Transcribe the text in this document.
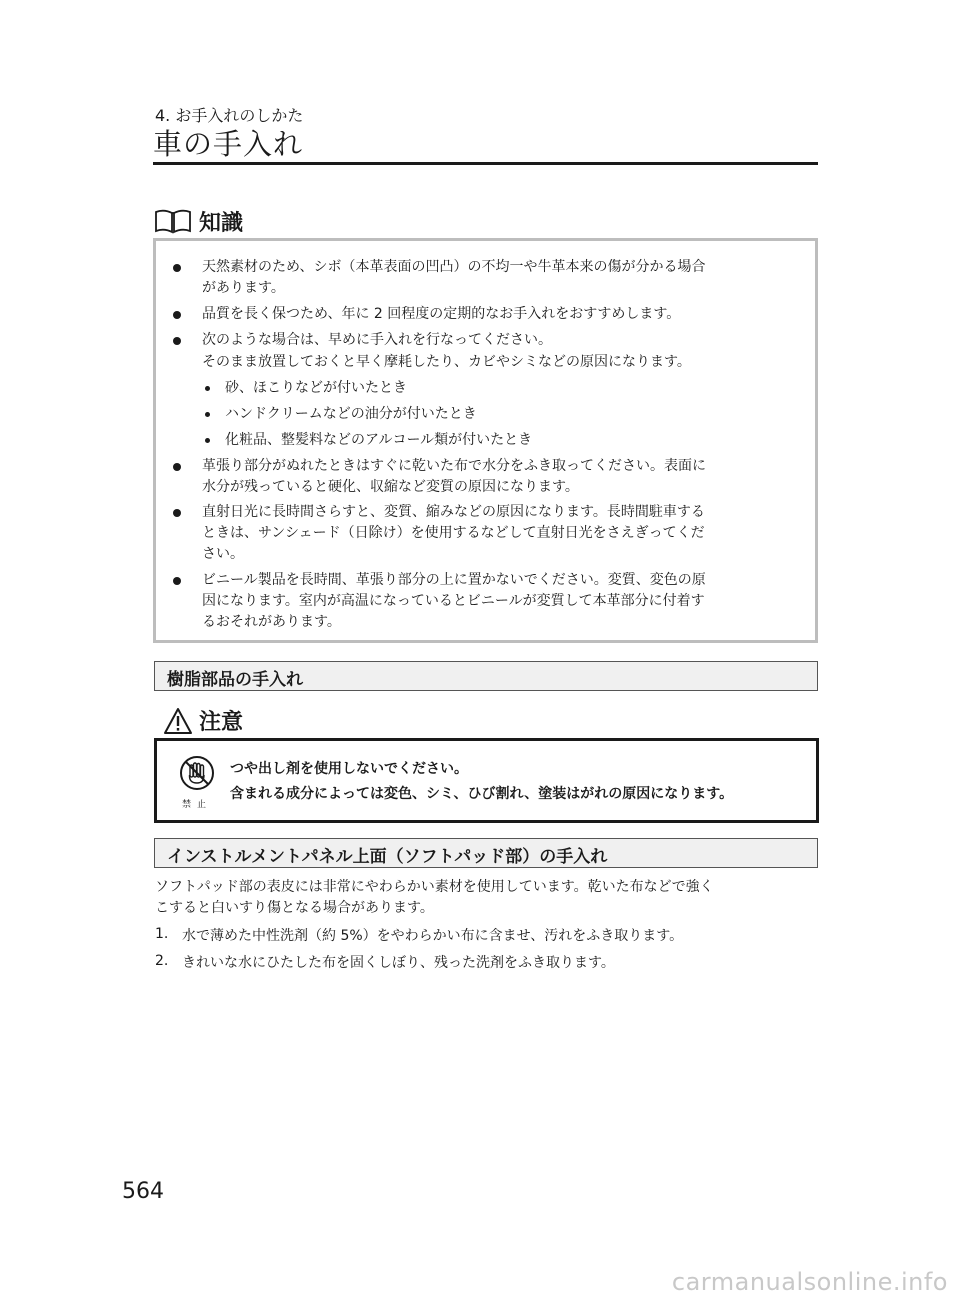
4. お手入れのしかた
車の手入れ
知識
天然素材のため、シボ（本革表面の凹凸）の不均一や牛革本来の傷が分かる場合
があります。
品質を長く保つため、年に 2 回程度の定期的なお手入れをおすすめします。
次のような場合は、早めに手入れを行なってください。
そのまま放置しておくと早く摩耗したり、カビやシミなどの原因になります。
砂、ほこりなどが付いたとき
ハンドクリームなどの油分が付いたとき
化粧品、整髪料などのアルコール類が付いたとき
革張り部分がぬれたときはすぐに乾いた布で水分をふき取ってください。表面に
水分が残っていると硬化、収縮など変質の原因になります。
直射日光に長時間さらすと、変質、縮みなどの原因になります。長時間駐車する
ときは、サンシェード（日除け）を使用するなどして直射日光をさえぎってくだ
さい。
ビニール製品を長時間、革張り部分の上に置かないでください。変質、変色の原
因になります。室内が高温になっているとビニールが変質して本革部分に付着す
るおそれがあります。
樹脂部品の手入れ
注意
禁止
つや出し剤を使用しないでください。
含まれる成分によっては変色、シミ、ひび割れ、塗装はがれの原因になります。
インストルメントパネル上面（ソフトパッド部）の手入れ
ソフトパッド部の表皮には非常にやわらかい素材を使用しています。乾いた布などで強く
こすると白いすり傷となる場合があります。
1. 水で薄めた中性洗剤（約 5%）をやわらかい布に含ませ、汚れをふき取ります。
2. きれいな水にひたした布を固くしぼり、残った洗剤をふき取ります。
564
carmanualsonline.info
